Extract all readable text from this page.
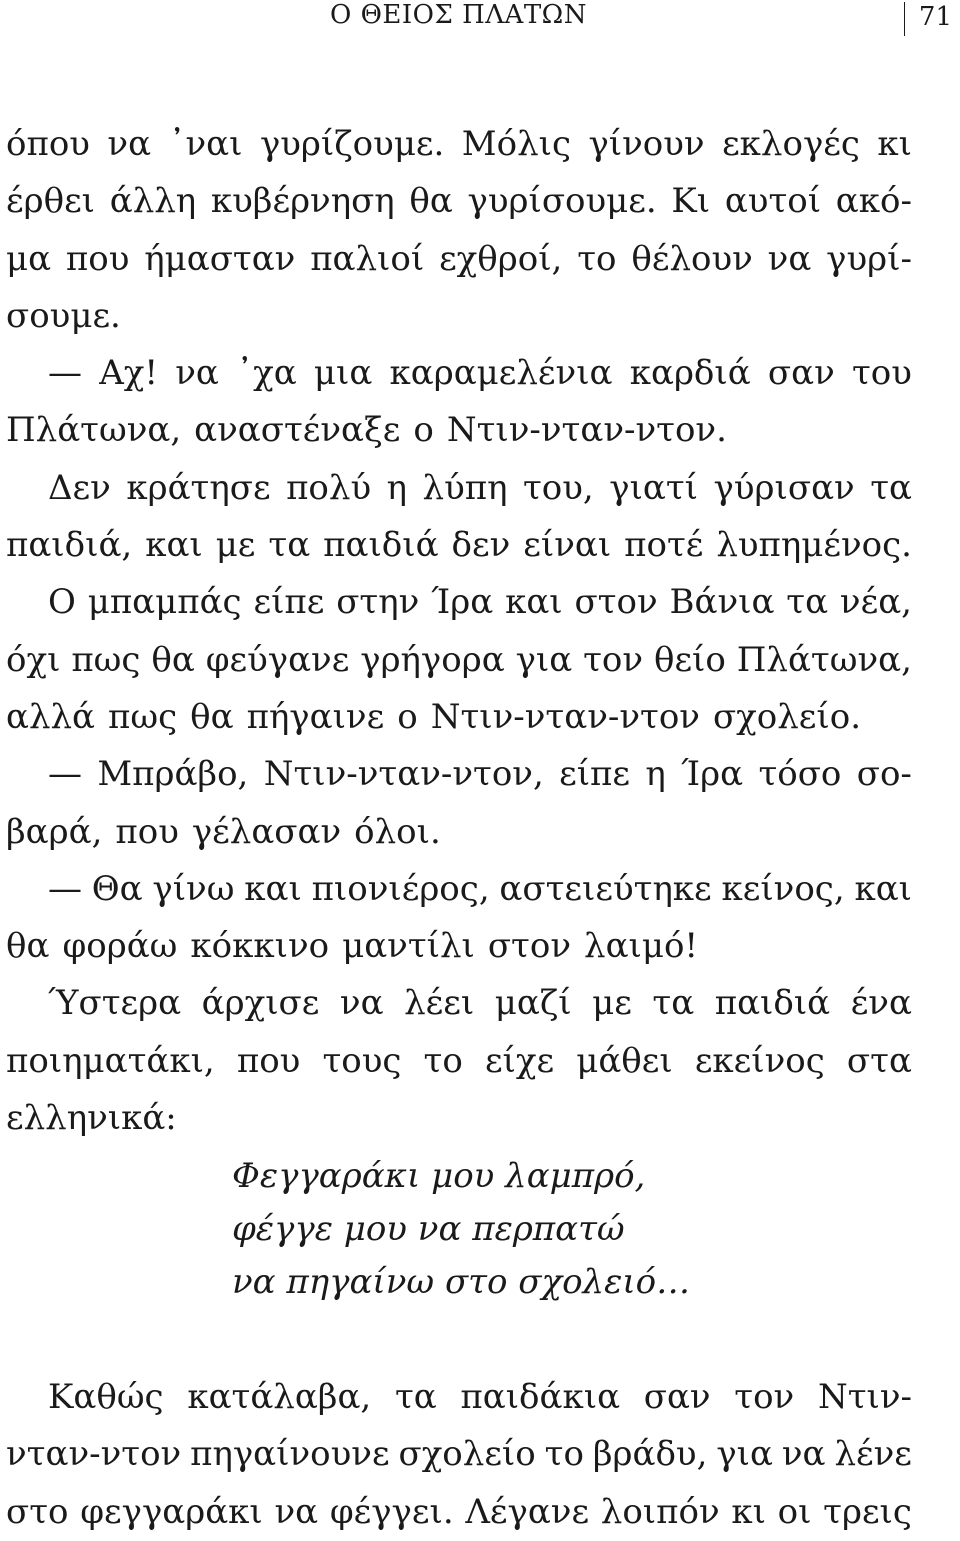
Ο ΘΕΙΟΣ ΠΛΑΤΩΝ	71
όπου να ᾽ναι γυρίζουμε. Μόλις γίνουν εκλογές κι
έρθει άλλη κυβέρνηση θα γυρίσουμε. Κι αυτοί ακό-
μα που ήμασταν παλιοί εχθροί, το θέλουν να γυρί-
σουμε.
— Αχ! να ᾽χα μια καραμελένια καρδιά σαν του
Πλάτωνα, αναστέναξε ο Ντιν-νταν-ντον.
Δεν κράτησε πολύ η λύπη του, γιατί γύρισαν τα
παιδιά, και με τα παιδιά δεν είναι ποτέ λυπημένος.
Ο μπαμπάς είπε στην Ίρα και στον Βάνια τα νέα,
όχι πως θα φεύγανε γρήγορα για τον θείο Πλάτωνα,
αλλά πως θα πήγαινε ο Ντιν-νταν-ντον σχολείο.
— Μπράβο, Ντιν-νταν-ντον, είπε η Ίρα τόσο σο-
βαρά, που γέλασαν όλοι.
— Θα γίνω και πιονιέρος, αστειεύτηκε κείνος, και
θα φοράω κόκκινο μαντίλι στον λαιμό!
Ύστερα άρχισε να λέει μαζί με τα παιδιά ένα
ποιηματάκι, που τους το είχε μάθει εκείνος στα
ελληνικά:
Φεγγαράκι μου λαμπρό,
φέγγε μου να περπατώ
να πηγαίνω στο σχολειό…
Καθώς κατάλαβα, τα παιδάκια σαν τον Ντιν-
νταν-ντον πηγαίνουνε σχολείο το βράδυ, για να λένε
στο φεγγαράκι να φέγγει. Λέγανε λοιπόν κι οι τρεις
